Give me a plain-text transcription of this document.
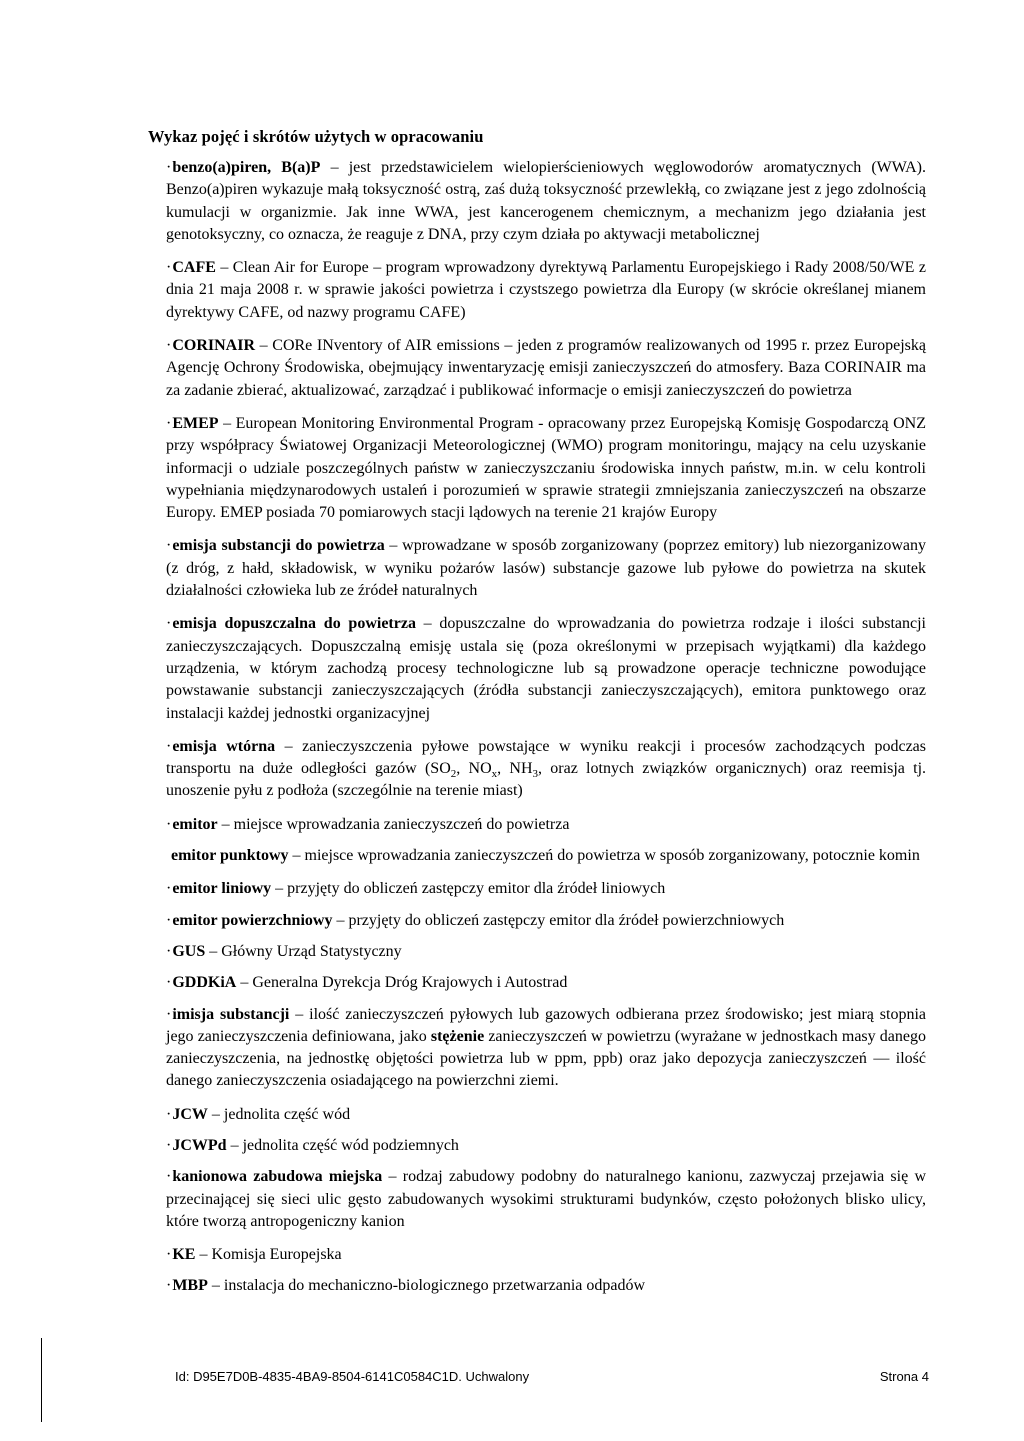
Wykaz pojęć i skrótów użytych w opracowaniu

·benzo(a)piren, B(a)P – jest przedstawicielem wielopierścieniowych węglowodorów aromatycznych (WWA). Benzo(a)piren wykazuje małą toksyczność ostrą, zaś dużą toksyczność przewlekłą, co związane jest z jego zdolnością kumulacji w organizmie. Jak inne WWA, jest kancerogenem chemicznym, a mechanizm jego działania jest genotoksyczny, co oznacza, że reaguje z DNA, przy czym działa po aktywacji metabolicznej

·CAFE – Clean Air for Europe – program wprowadzony dyrektywą Parlamentu Europejskiego i Rady 2008/50/WE z dnia 21 maja 2008 r. w sprawie jakości powietrza i czystszego powietrza dla Europy (w skrócie określanej mianem dyrektywy CAFE, od nazwy programu CAFE)

·CORINAIR – CORe INventory of AIR emissions – jeden z programów realizowanych od 1995 r. przez Europejską Agencję Ochrony Środowiska, obejmujący inwentaryzację emisji zanieczyszczeń do atmosfery. Baza CORINAIR ma za zadanie zbierać, aktualizować, zarządzać i publikować informacje o emisji zanieczyszczeń do powietrza

·EMEP – European Monitoring Environmental Program - opracowany przez Europejską Komisję Gospodarczą ONZ przy współpracy Światowej Organizacji Meteorologicznej (WMO) program monitoringu, mający na celu uzyskanie informacji o udziale poszczególnych państw w zanieczyszczaniu środowiska innych państw, m.in. w celu kontroli wypełniania międzynarodowych ustaleń i porozumień w sprawie strategii zmniejszania zanieczyszczeń na obszarze Europy. EMEP posiada 70 pomiarowych stacji lądowych na terenie 21 krajów Europy

·emisja substancji do powietrza – wprowadzane w sposób zorganizowany (poprzez emitory) lub niezorganizowany (z dróg, z hałd, składowisk, w wyniku pożarów lasów) substancje gazowe lub pyłowe do powietrza na skutek działalności człowieka lub ze źródeł naturalnych

·emisja dopuszczalna do powietrza – dopuszczalne do wprowadzania do powietrza rodzaje i ilości substancji zanieczyszczających. Dopuszczalną emisję ustala się (poza określonymi w przepisach wyjątkami) dla każdego urządzenia, w którym zachodzą procesy technologiczne lub są prowadzone operacje techniczne powodujące powstawanie substancji zanieczyszczających (źródła substancji zanieczyszczających), emitora punktowego oraz instalacji każdej jednostki organizacyjnej

·emisja wtórna – zanieczyszczenia pyłowe powstające w wyniku reakcji i procesów zachodzących podczas transportu na duże odległości gazów ($SO_2$, $NO_x$, $NH_3$, oraz lotnych związków organicznych) oraz reemisja tj. unoszenie pyłu z podłoża (szczególnie na terenie miast)

·emitor – miejsce wprowadzania zanieczyszczeń do powietrza

emitor punktowy – miejsce wprowadzania zanieczyszczeń do powietrza w sposób zorganizowany, potocznie komin

·emitor liniowy – przyjęty do obliczeń zastępczy emitor dla źródeł liniowych

·emitor powierzchniowy – przyjęty do obliczeń zastępczy emitor dla źródeł powierzchniowych

·GUS – Główny Urząd Statystyczny

·GDDKiA – Generalna Dyrekcja Dróg Krajowych i Autostrad

·imisja substancji – ilość zanieczyszczeń pyłowych lub gazowych odbierana przez środowisko; jest miarą stopnia jego zanieczyszczenia definiowana, jako stężenie zanieczyszczeń w powietrzu (wyrażane w jednostkach masy danego zanieczyszczenia, na jednostkę objętości powietrza lub w ppm, ppb) oraz jako depozycja zanieczyszczeń — ilość danego zanieczyszczenia osiadającego na powierzchni ziemi.

·JCW – jednolita część wód

·JCWPd – jednolita część wód podziemnych

·kanionowa zabudowa miejska – rodzaj zabudowy podobny do naturalnego kanionu, zazwyczaj przejawia się w przecinającej się sieci ulic gęsto zabudowanych wysokimi strukturami budynków, często położonych blisko ulicy, które tworzą antropogeniczny kanion

·KE – Komisja Europejska

·MBP – instalacja do mechaniczno-biologicznego przetwarzania odpadów

Id: D95E7D0B-4835-4BA9-8504-6141C0584C1D. Uchwalony	Strona 4
